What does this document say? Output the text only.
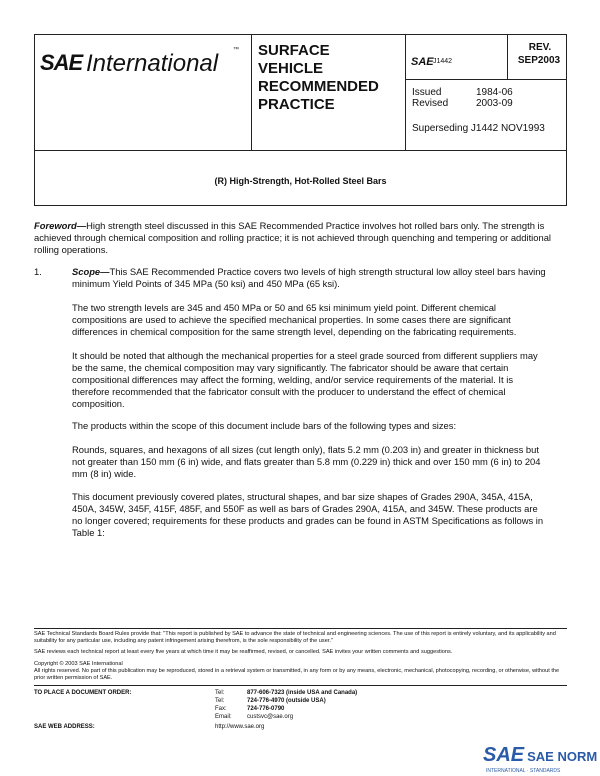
SAE International ™ SURFACE
VEHICLE
RECOMMENDED
PRACTICE
SAE J1442
REV.
SEP2003
Issued	1984-06
Revised	2003-09
Superseding J1442 NOV1993
(R) High-Strength, Hot-Rolled Steel Bars

Foreword—High strength steel discussed in this SAE Recommended Practice involves hot rolled bars only. The strength is achieved through chemical composition and rolling practice; it is not achieved through quenching and tempering or additional rolling operations.

1.	Scope—This SAE Recommended Practice covers two levels of high strength structural low alloy steel bars having minimum Yield Points of 345 MPa (50 ksi) and 450 MPa (65 ksi).

The two strength levels are 345 and 450 MPa or 50 and 65 ksi minimum yield point. Different chemical compositions are used to achieve the specified mechanical properties. In some cases there are significant differences in chemical composition for the same strength level, depending on the fabricating requirements.
It should be noted that although the mechanical properties for a steel grade sourced from different suppliers may be the same, the chemical composition may vary significantly. The fabricator should be aware that certain compositional differences may affect the forming, welding, and/or service requirements of the material. It is therefore recommended that the fabricator consult with the producer to understand the effect of chemical composition.
The products within the scope of this document include bars of the following types and sizes:
Rounds, squares, and hexagons of all sizes (cut length only), flats 5.2 mm (0.203 in) and greater in thickness but not greater than 150 mm (6 in) wide, and flats greater than 5.8 mm (0.229 in) thick and over 150 mm (6 in) to 204 mm (8 in) wide.
This document previously covered plates, structural shapes, and bar size shapes of Grades 290A, 345A, 415A, 450A, 345W, 345F, 415F, 485F, and 550F as well as bars of Grades 290A, 415A, and 345W. These products are no longer covered; requirements for these products and grades can be found in ASTM Specifications as follows in Table 1:
SAE Technical Standards Board Rules provide that: "This report is published by SAE to advance the state of technical and engineering sciences. The use of this report is entirely voluntary, and its applicability and suitability for any particular use, including any patent infringement arising therefrom, is the sole responsibility of the user."
SAE reviews each technical report at least every five years at which time it may be reaffirmed, revised, or cancelled. SAE invites your written comments and suggestions.
Copyright © 2003 SAE International
All rights reserved. No part of this publication may be reproduced, stored in a retrieval system or transmitted, in any form or by any means, electronic, mechanical, photocopying, recording, or otherwise, without the prior written permission of SAE.
TO PLACE A DOCUMENT ORDER:	Tel:	877-606-7323 (inside USA and Canada)
Tel:	724-776-4970 (outside USA)
Fax:	724-776-0790
Email:	custsvc@sae.org
SAE WEB ADDRESS:	http://www.sae.org
SAE SAE NORM
INTERNATIONAL · STANDARDS
